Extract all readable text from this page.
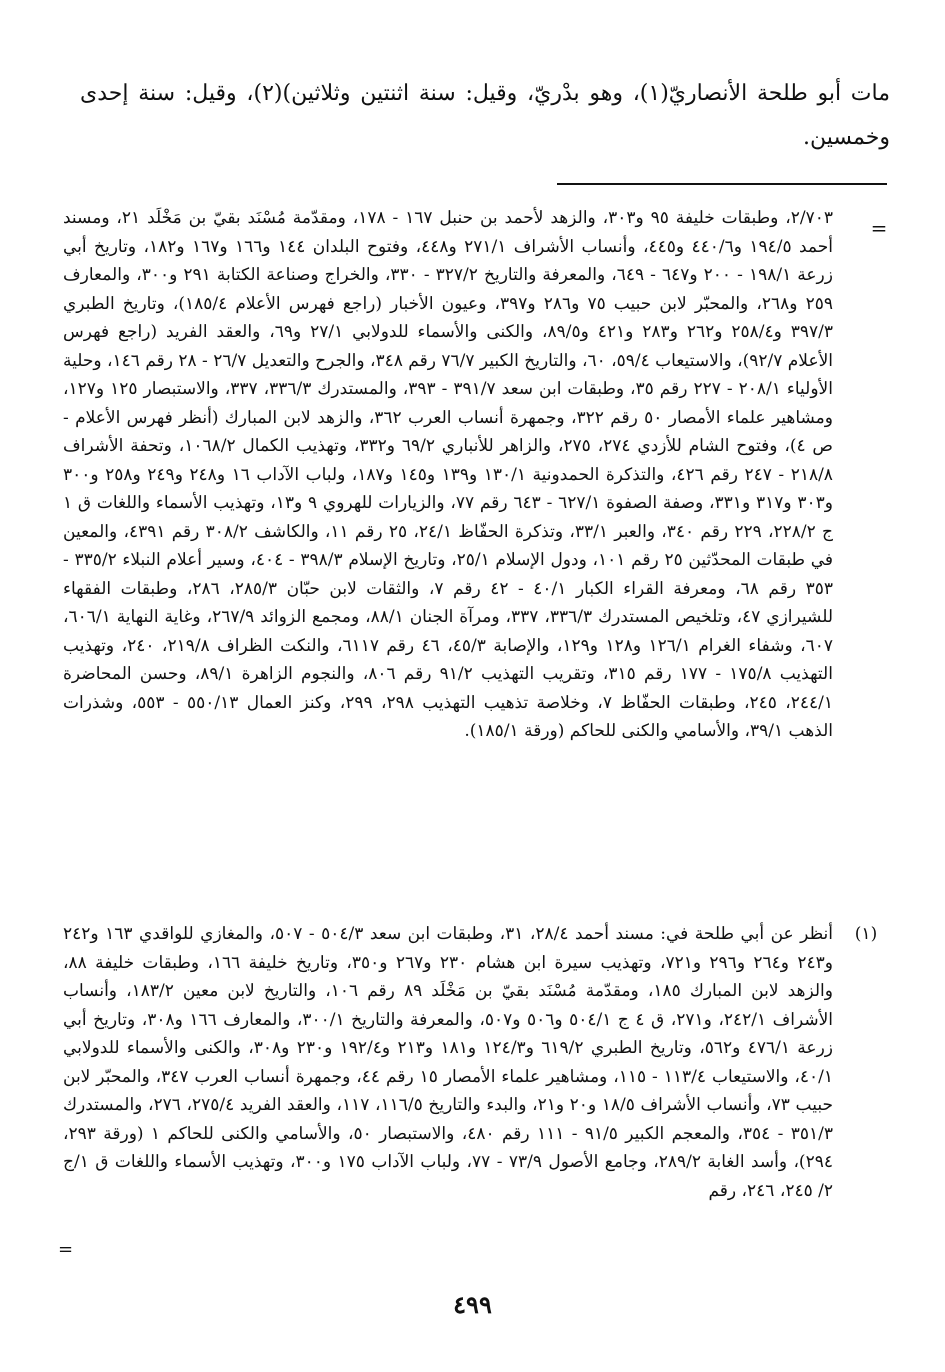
مات أبو طلحة الأنصاريّ(١)، وهو بدْريّ، وقيل: سنة اثنتين وثلاثين)(٢)، وقيل: سنة إحدى وخمسين.

=

٢/٧٠٣، وطبقات خليفة ٩٥ و٣٠٣، والزهد لأحمد بن حنبل ١٦٧ - ١٧٨، ومقدّمة مُسْنَد بقيّ بن مَخْلَد ٢١، ومسند أحمد ١٩٤/٥ و٤٤٠/٦ و٤٤٥، وأنساب الأشراف ٢٧١/١ و٤٤٨، وفتوح البلدان ١٤٤ و١٦٦ و١٦٧ و١٨٢، وتاريخ أبي زرعة ١٩٨/١ - ٢٠٠ و٦٤٧ - ٦٤٩، والمعرفة والتاريخ ٣٢٧/٢ - ٣٣٠، والخراج وصناعة الكتابة ٢٩١ و٣٠٠، والمعارف ٢٥٩ و٢٦٨، والمحبّر لابن حبيب ٧٥ و٢٨٦ و٣٩٧، وعيون الأخبار (راجع فهرس الأعلام ١٨٥/٤)، وتاريخ الطبري ٣٩٧/٣ و٢٥٨/٤ و٢٦٢ و٢٨٣ و٤٢١ و٨٩/٥، والكنى والأسماء للدولابي ٢٧/١ و٦٩، والعقد الفريد (راجع فهرس الأعلام ٩٢/٧)، والاستيعاب ٥٩/٤، ٦٠، والتاريخ الكبير ٧٦/٧ رقم ٣٤٨، والجرح والتعديل ٢٦/٧ - ٢٨ رقم ١٤٦، وحلية الأولياء ٢٠٨/١ - ٢٢٧ رقم ٣٥، وطبقات ابن سعد ٣٩١/٧ - ٣٩٣، والمستدرك ٣٣٦/٣، ٣٣٧، والاستبصار ١٢٥ و١٢٧، ومشاهير علماء الأمصار ٥٠ رقم ٣٢٢، وجمهرة أنساب العرب ٣٦٢، والزهد لابن المبارك (أنظر فهرس الأعلام - ص ٤)، وفتوح الشام للأزدي ٢٧٤، ٢٧٥، والزاهر للأنباري ٦٩/٢ و٣٣٢، وتهذيب الكمال ١٠٦٨/٢، وتحفة الأشراف ٢١٨/٨ - ٢٤٧ رقم ٤٢٦، والتذكرة الحمدونية ١٣٠/١ و١٣٩ و١٤٥ و١٨٧، ولباب الآداب ١٦ و٢٤٨ و٢٤٩ و٢٥٨ و٣٠٠ و٣٠٣ و٣١٧ و٣٣١، وصفة الصفوة ٦٢٧/١ - ٦٤٣ رقم ٧٧، والزيارات للهروي ٩ و١٣، وتهذيب الأسماء واللغات ق ١ ج ٢٢٨/٢، ٢٢٩ رقم ٣٤٠، والعبر ٣٣/١، وتذكرة الحفّاظ ٢٤/١، ٢٥ رقم ١١، والكاشف ٣٠٨/٢ رقم ٤٣٩١، والمعين في طبقات المحدّثين ٢٥ رقم ١٠١، ودول الإسلام ٢٥/١، وتاريخ الإسلام ٣٩٨/٣ - ٤٠٤، وسير أعلام النبلاء ٣٣٥/٢ - ٣٥٣ رقم ٦٨، ومعرفة القراء الكبار ٤٠/١ - ٤٢ رقم ٧، والثقات لابن حبّان ٢٨٥/٣، ٢٨٦، وطبقات الفقهاء للشيرازي ٤٧، وتلخيص المستدرك ٣٣٦/٣، ٣٣٧، ومرآة الجنان ٨٨/١، ومجمع الزوائد ٢٦٧/٩، وغاية النهاية ٦٠٦/١، ٦٠٧، وشفاء الغرام ١٢٦/١ و١٢٨ و١٢٩، والإصابة ٤٥/٣، ٤٦ رقم ٦١١٧، والنكت الظراف ٢١٩/٨، ٢٤٠، وتهذيب التهذيب ١٧٥/٨ - ١٧٧ رقم ٣١٥، وتقريب التهذيب ٩١/٢ رقم ٨٠٦، والنجوم الزاهرة ٨٩/١، وحسن المحاضرة ٢٤٤/١، ٢٤٥، وطبقات الحفّاظ ٧، وخلاصة تذهيب التهذيب ٢٩٨، ٢٩٩، وكنز العمال ٥٥٠/١٣ - ٥٥٣، وشذرات الذهب ٣٩/١، والأسامي والكنى للحاكم (ورقة ١٨٥/١).

(١)

أنظر عن أبي طلحة في: مسند أحمد ٢٨/٤، ٣١، وطبقات ابن سعد ٥٠٤/٣ - ٥٠٧، والمغازي للواقدي ١٦٣ و٢٤٢ و٢٤٣ و٢٦٤ و٢٩٦ و٧٢١، وتهذيب سيرة ابن هشام ٢٣٠ و٢٦٧ و٣٥٠، وتاريخ خليفة ١٦٦، وطبقات خليفة ٨٨، والزهد لابن المبارك ١٨٥، ومقدّمة مُسْنَد بقيّ بن مَخْلَد ٨٩ رقم ١٠٦، والتاريخ لابن معين ١٨٣/٢، وأنساب الأشراف ٢٤٢/١، و٢٧١، ق ٤ ج ٥٠٤/١ و٥٠٦ و٥٠٧، والمعرفة والتاريخ ٣٠٠/١، والمعارف ١٦٦ و٣٠٨، وتاريخ أبي زرعة ٤٧٦/١ و٥٦٢، وتاريخ الطبري ٦١٩/٢ و١٢٤/٣ و١٨١ و٢١٣ و١٩٢/٤ و٢٣٠ و٣٠٨، والكنى والأسماء للدولابي ٤٠/١، والاستيعاب ١١٣/٤ - ١١٥، ومشاهير علماء الأمصار ١٥ رقم ٤٤، وجمهرة أنساب العرب ٣٤٧، والمحبّر لابن حبيب ٧٣، وأنساب الأشراف ١٨/٥ و٢٠ و٢١، والبدء والتاريخ ١١٦/٥، ١١٧، والعقد الفريد ٢٧٥/٤، ٢٧٦، والمستدرك ٣٥١/٣ - ٣٥٤، والمعجم الكبير ٩١/٥ - ١١١ رقم ٤٨٠، والاستبصار ٥٠، والأسامي والكنى للحاكم ١ (ورقة ٢٩٣، ٢٩٤)، وأسد الغابة ٢٨٩/٢، وجامع الأصول ٧٣/٩ - ٧٧، ولباب الآداب ١٧٥ و٣٠٠، وتهذيب الأسماء واللغات ق ١/ج ٢/ ٢٤٥، ٢٤٦، رقم

=
٤٩٩
